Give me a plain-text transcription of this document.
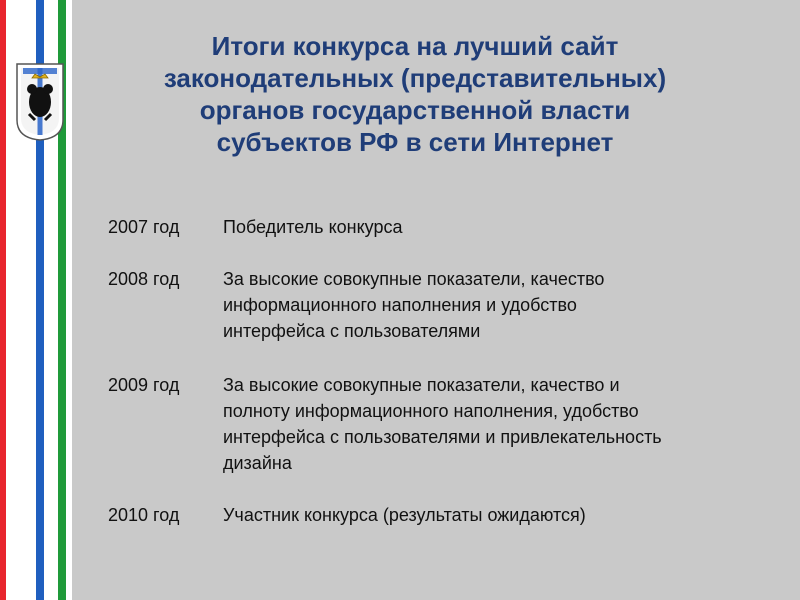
Итоги конкурса на лучший сайт
законодательных (представительных)
органов государственной власти
субъектов РФ в сети Интернет
2007 год	Победитель конкурса
2008 год	За высокие совокупные показатели, качество
информационного наполнения и удобство
интерфейса с пользователями
2009 год	За высокие совокупные показатели, качество и
полноту информационного наполнения, удобство
интерфейса с пользователями и привлекательность
дизайна
2010 год	Участник конкурса (результаты ожидаются)
